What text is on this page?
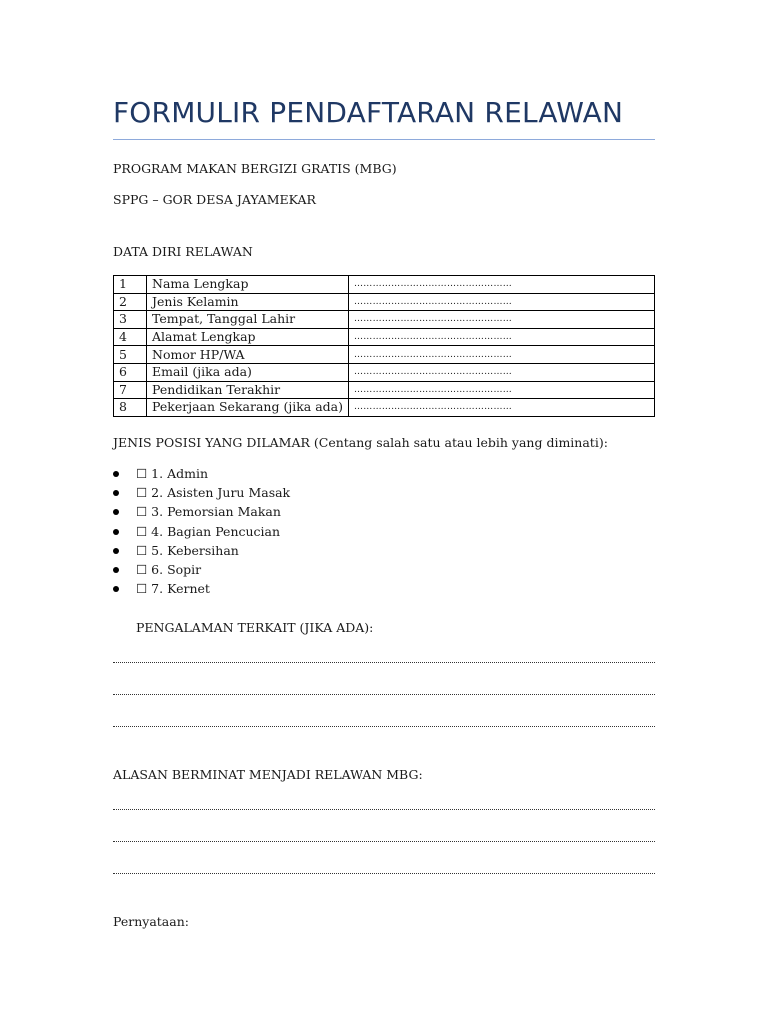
FORMULIR PENDAFTARAN RELAWAN
PROGRAM MAKAN BERGIZI GRATIS (MBG)
SPPG – GOR DESA JAYAMEKAR
DATA DIRI RELAWAN
1	Nama Lengkap	……………………………………………
2	Jenis Kelamin	……………………………………………
3	Tempat, Tanggal Lahir	……………………………………………
4	Alamat Lengkap	……………………………………………
5	Nomor HP/WA	……………………………………………
6	Email (jika ada)	……………………………………………
7	Pendidikan Terakhir	……………………………………………
8	Pekerjaan Sekarang (jika ada)	……………………………………………
JENIS POSISI YANG DILAMAR (Centang salah satu atau lebih yang diminati):
☐ 1. Admin
☐ 2. Asisten Juru Masak
☐ 3. Pemorsian Makan
☐ 4. Bagian Pencucian
☐ 5. Kebersihan
☐ 6. Sopir
☐ 7. Kernet
PENGALAMAN TERKAIT (JIKA ADA):
ALASAN BERMINAT MENJADI RELAWAN MBG:
Pernyataan:
